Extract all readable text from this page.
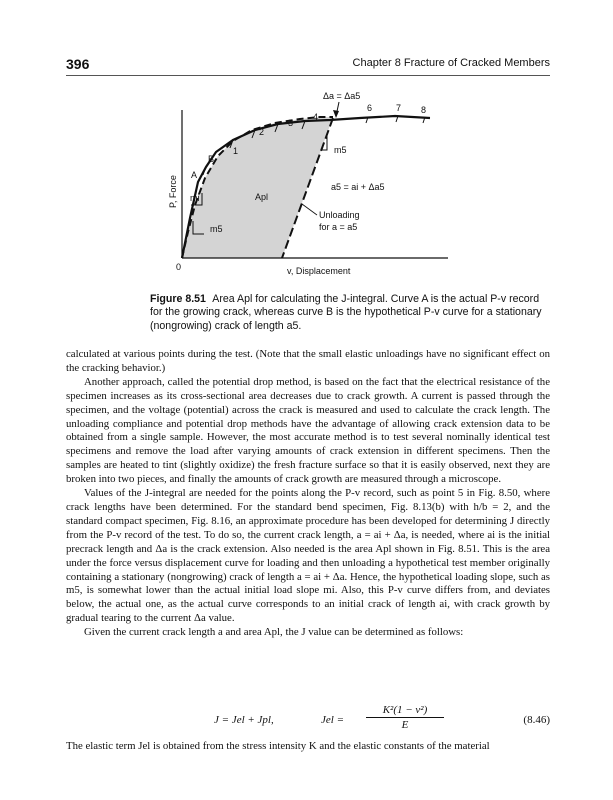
396	Chapter 8 Fracture of Cracked Members
P, Force
v, Displacement
0
1
2
3
4
6	7 8
A
B
Δa = Δa5
m5
a5 = ai + Δa5
mi	Apl
m5
Unloading
for a = a5

Figure 8.51 Area Apl for calculating the J-integral. Curve A is the actual P-v record for the growing crack, whereas curve B is the hypothetical P-v curve for a stationary (nongrowing) crack of length a5.

calculated at various points during the test. (Note that the small elastic unloadings have no significant effect on the cracking behavior.)

Another approach, called the potential drop method, is based on the fact that the electrical resistance of the specimen increases as its cross-sectional area decreases due to crack growth. A current is passed through the specimen, and the voltage (potential) across the crack is measured and used to calculate the crack length. The unloading compliance and potential drop methods have the advantage of allowing crack extension data to be obtained from a single sample. However, the most accurate method is to test several nominally identical test specimens and remove the load after varying amounts of crack extension in different specimens. Then the samples are heated to tint (slightly oxidize) the fresh fracture surface so that it is easily observed, next they are broken into two pieces, and finally the amounts of crack growth are measured through a microscope.

Values of the J-integral are needed for the points along the P-v record, such as point 5 in Fig. 8.50, where crack lengths have been determined. For the standard bend specimen, Fig. 8.13(b) with h/b = 2, and the standard compact specimen, Fig. 8.16, an approximate procedure has been developed for determining J directly from the P-v record of the test. To do so, the current crack length, a = ai + Δa, is needed, where ai is the initial precrack length and Δa is the crack extension. Also needed is the area Apl shown in Fig. 8.51. This is the area under the force versus displacement curve for loading and then unloading a hypothetical test member originally containing a stationary (nongrowing) crack of length a = ai + Δa. Hence, the hypothetical loading slope, such as m5, is somewhat lower than the actual initial load slope mi. Also, this P-v curve differs from, and deviates below, the actual one, as the actual curve corresponds to an initial crack of length ai, with crack growth by gradual tearing to the current Δa value.

Given the current crack length a and area Apl, the J value can be determined as follows:

J = Jel + Jpl,	Jel = $\frac{\text{K²(1 − ν²)}}{E}$	(8.46)

The elastic term Jel is obtained from the stress intensity K and the elastic constants of the material
